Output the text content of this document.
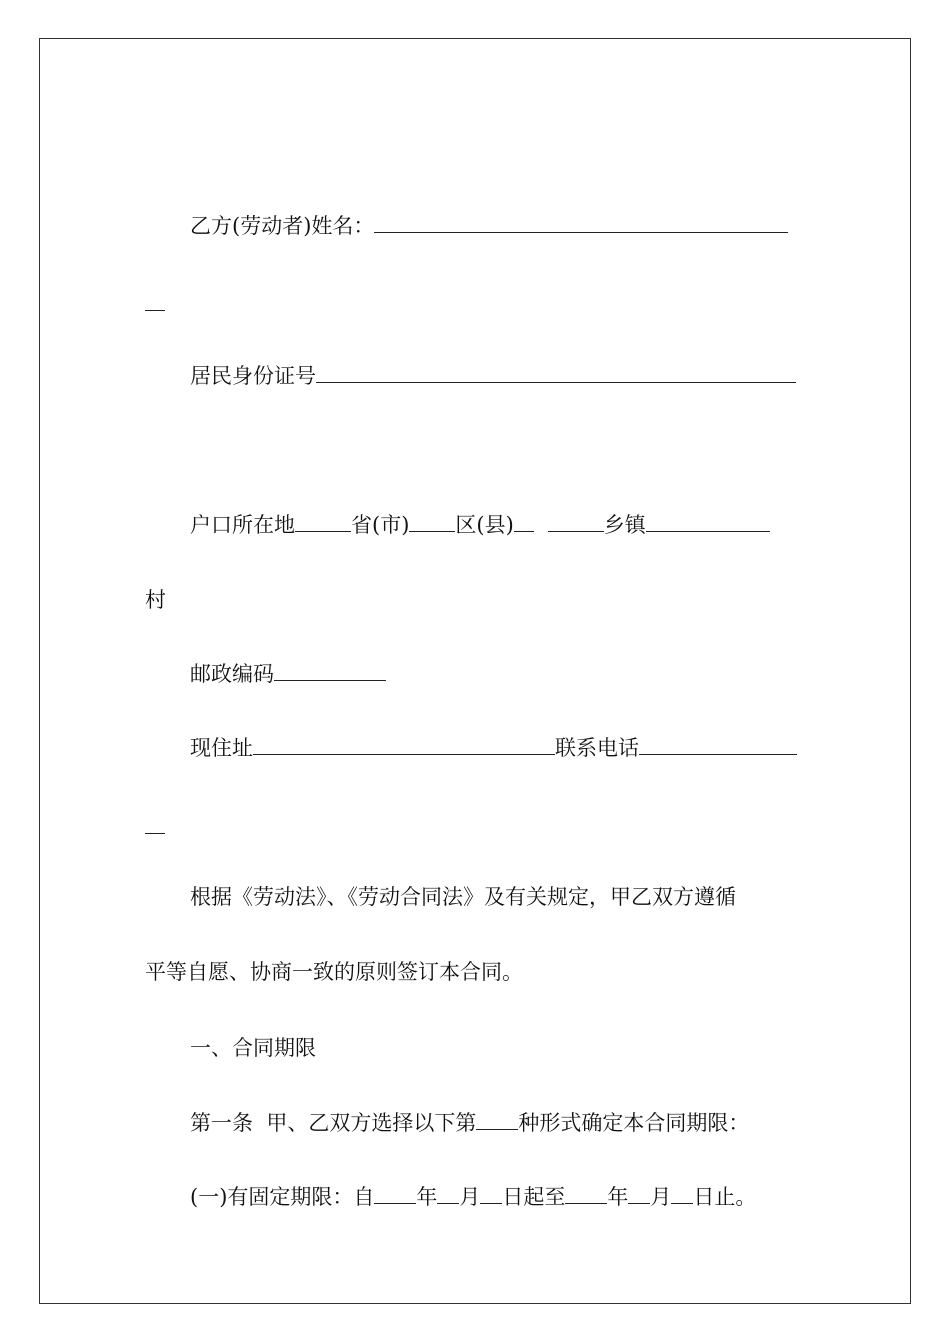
乙方(劳动者)姓名：
居民身份证号
户口所在地	省(市) 区(县)	乡镇
村
邮政编码
现住址	联系电话
根据《劳动法》、《劳动合同法》及有关规定，甲乙双方遵循
平等自愿、协商一致的原则签订本合同。
一、合同期限
第一条  甲、乙双方选择以下第 种形式确定本合同期限：
(一)有固定期限：自 年 月 日起至 年 月 日止。
